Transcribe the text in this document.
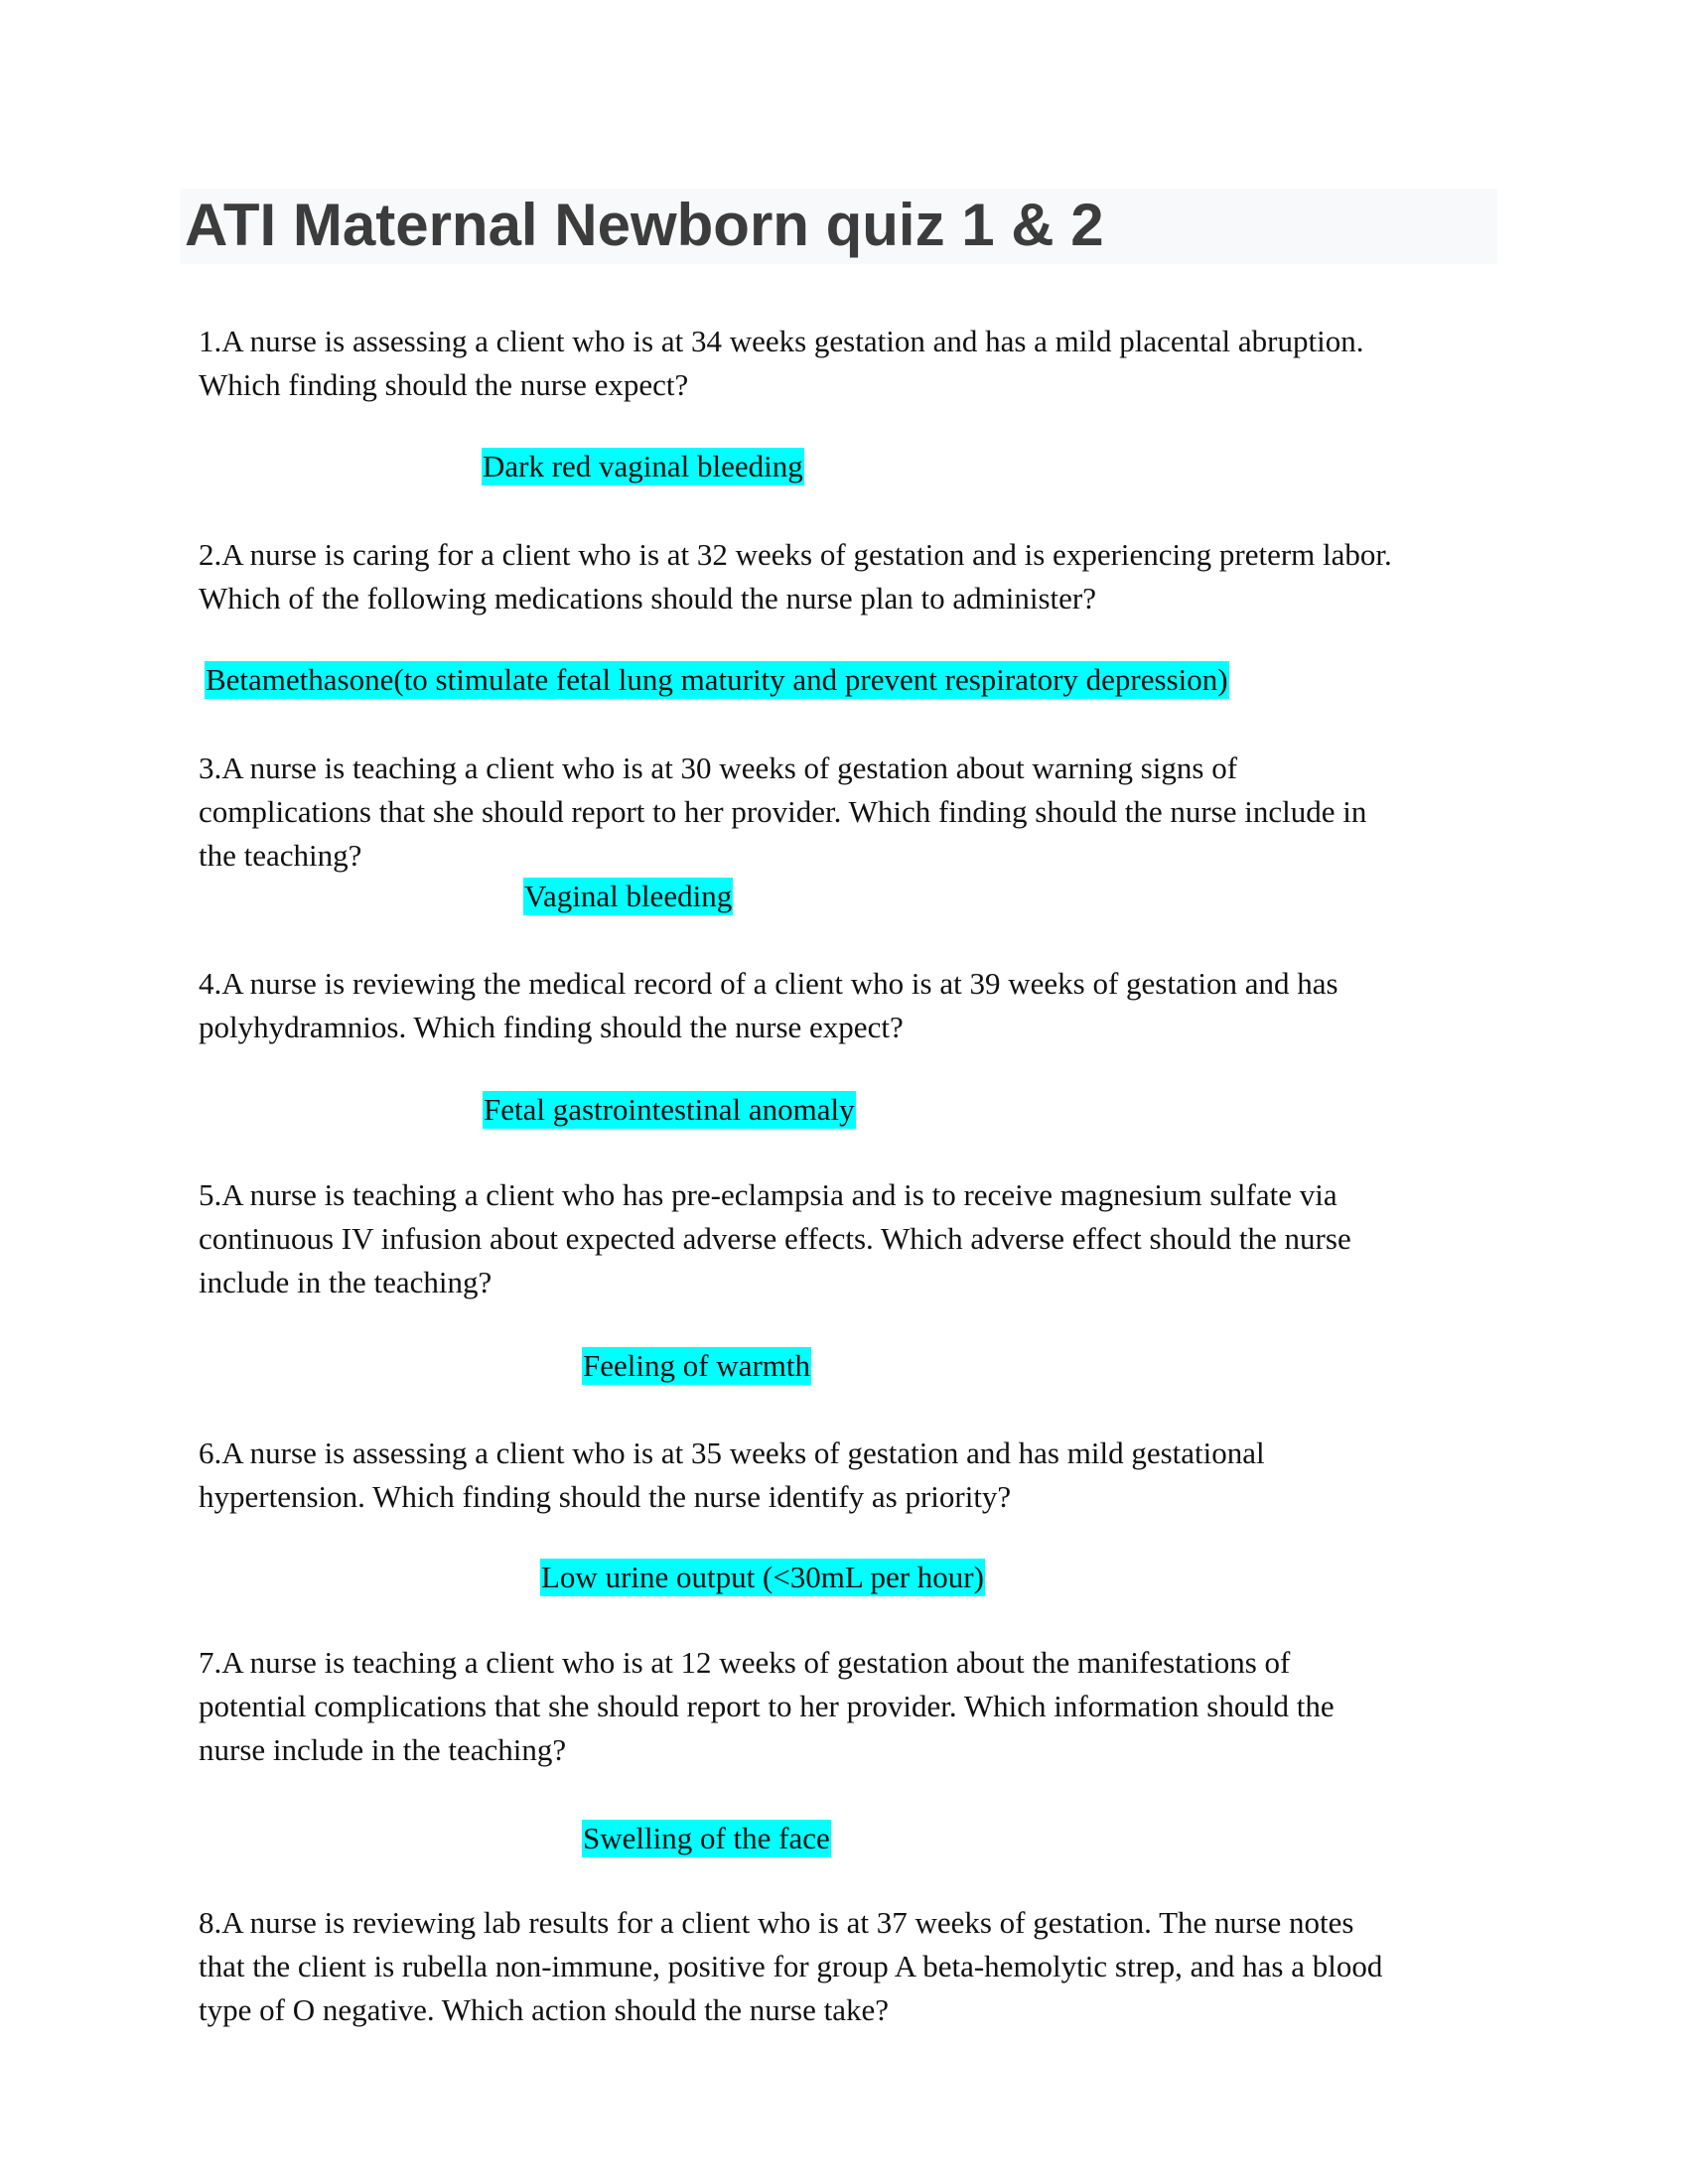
ATI Maternal Newborn quiz 1 & 2
1.A nurse is assessing a client who is at 34 weeks gestation and has a mild placental abruption.
Which finding should the nurse expect?
Dark red vaginal bleeding
2.A nurse is caring for a client who is at 32 weeks of gestation and is experiencing preterm labor.
Which of the following medications should the nurse plan to administer?
Betamethasone(to stimulate fetal lung maturity and prevent respiratory depression)
3.A nurse is teaching a client who is at 30 weeks of gestation about warning signs of
complications that she should report to her provider. Which finding should the nurse include in
the teaching?
Vaginal bleeding
4.A nurse is reviewing the medical record of a client who is at 39 weeks of gestation and has
polyhydramnios. Which finding should the nurse expect?
Fetal gastrointestinal anomaly
5.A nurse is teaching a client who has pre-eclampsia and is to receive magnesium sulfate via
continuous IV infusion about expected adverse effects. Which adverse effect should the nurse
include in the teaching?
Feeling of warmth
6.A nurse is assessing a client who is at 35 weeks of gestation and has mild gestational
hypertension. Which finding should the nurse identify as priority?
Low urine output (<30mL per hour)
7.A nurse is teaching a client who is at 12 weeks of gestation about the manifestations of
potential complications that she should report to her provider. Which information should the
nurse include in the teaching?
Swelling of the face
8.A nurse is reviewing lab results for a client who is at 37 weeks of gestation. The nurse notes
that the client is rubella non-immune, positive for group A beta-hemolytic strep, and has a blood
type of O negative. Which action should the nurse take?
